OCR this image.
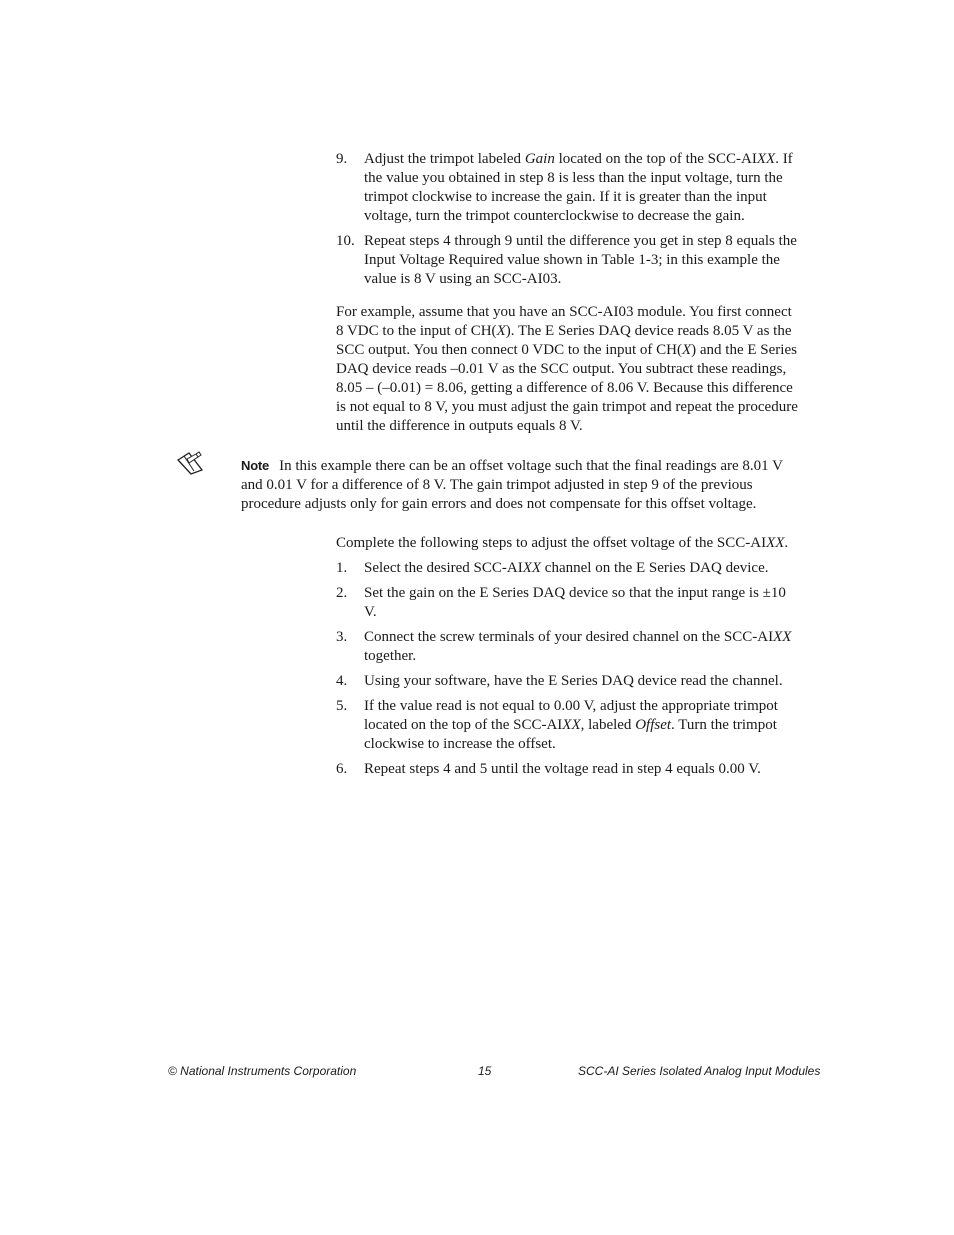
9. Adjust the trimpot labeled Gain located on the top of the SCC-AIXX. If the value you obtained in step 8 is less than the input voltage, turn the trimpot clockwise to increase the gain. If it is greater than the input voltage, turn the trimpot counterclockwise to decrease the gain.
10. Repeat steps 4 through 9 until the difference you get in step 8 equals the Input Voltage Required value shown in Table 1-3; in this example the value is 8 V using an SCC-AI03.

For example, assume that you have an SCC-AI03 module. You first connect 8 VDC to the input of CH(X). The E Series DAQ device reads 8.05 V as the SCC output. You then connect 0 VDC to the input of CH(X) and the E Series DAQ device reads –0.01 V as the SCC output. You subtract these readings, 8.05 – (–0.01) = 8.06, getting a difference of 8.06 V. Because this difference is not equal to 8 V, you must adjust the gain trimpot and repeat the procedure until the difference in outputs equals 8 V.

Note In this example there can be an offset voltage such that the final readings are 8.01 V and 0.01 V for a difference of 8 V. The gain trimpot adjusted in step 9 of the previous procedure adjusts only for gain errors and does not compensate for this offset voltage.

Complete the following steps to adjust the offset voltage of the SCC-AIXX.

1. Select the desired SCC-AIXX channel on the E Series DAQ device.
2. Set the gain on the E Series DAQ device so that the input range is ±10 V.
3. Connect the screw terminals of your desired channel on the SCC-AIXX together.
4. Using your software, have the E Series DAQ device read the channel.
5. If the value read is not equal to 0.00 V, adjust the appropriate trimpot located on the top of the SCC-AIXX, labeled Offset. Turn the trimpot clockwise to increase the offset.
6. Repeat steps 4 and 5 until the voltage read in step 4 equals 0.00 V.
© National Instruments Corporation	15	SCC-AI Series Isolated Analog Input Modules
